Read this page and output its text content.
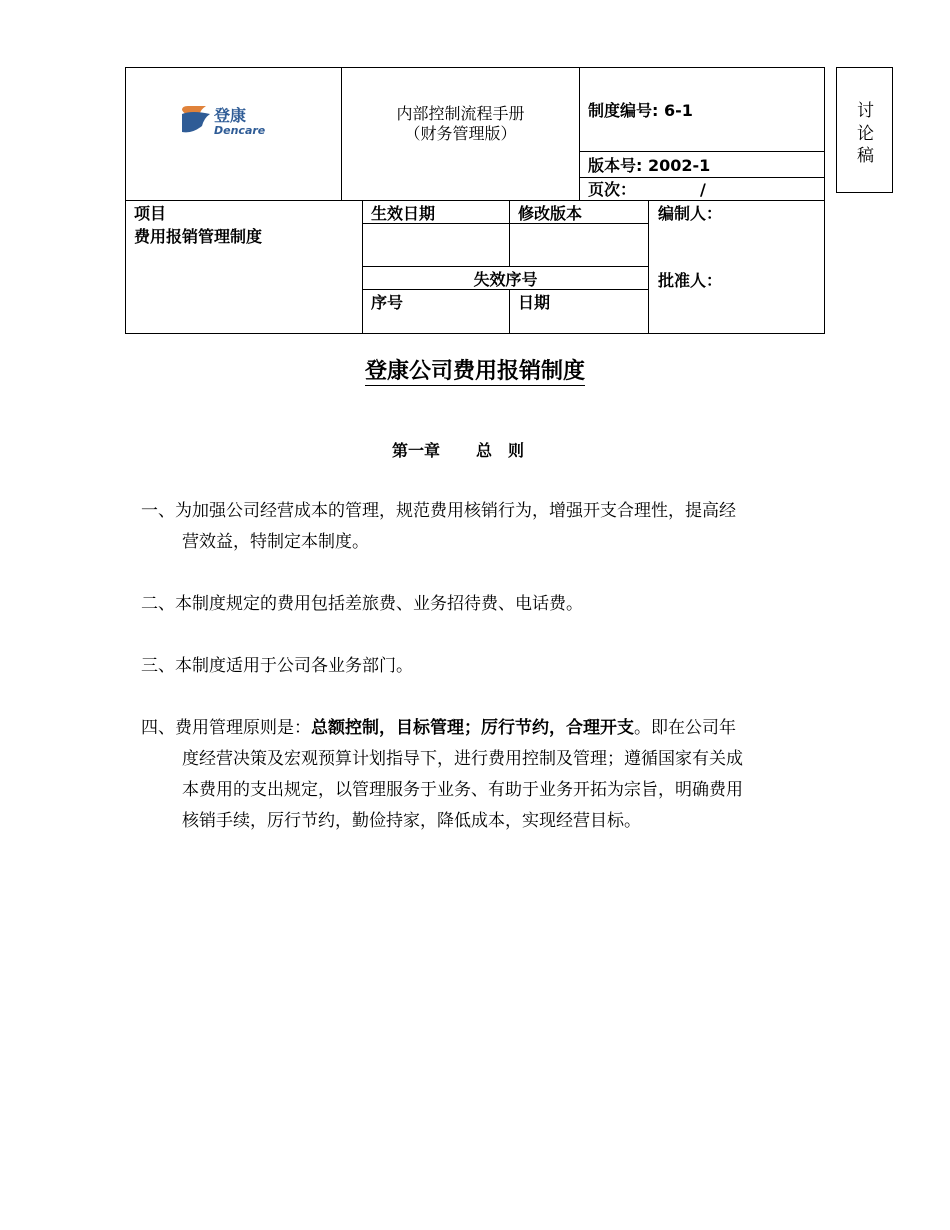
登康
Dencare
内部控制流程手册
（财务管理版）
制度编号: 6-1
版本号: 2002-1
页次：	/
项目
费用报销管理制度
生效日期	修改版本
失效序号
序号	日期
编制人：
批准人：
讨
论
稿
登康公司费用报销制度
第一章 总　则
一、为加强公司经营成本的管理，规范费用核销行为，增强开支合理性，提高经
营效益，特制定本制度。
二、本制度规定的费用包括差旅费、业务招待费、电话费。
三、本制度适用于公司各业务部门。
四、费用管理原则是：总额控制，目标管理；厉行节约，合理开支。即在公司年
度经营决策及宏观预算计划指导下，进行费用控制及管理；遵循国家有关成
本费用的支出规定，以管理服务于业务、有助于业务开拓为宗旨，明确费用
核销手续，厉行节约，勤俭持家，降低成本，实现经营目标。
